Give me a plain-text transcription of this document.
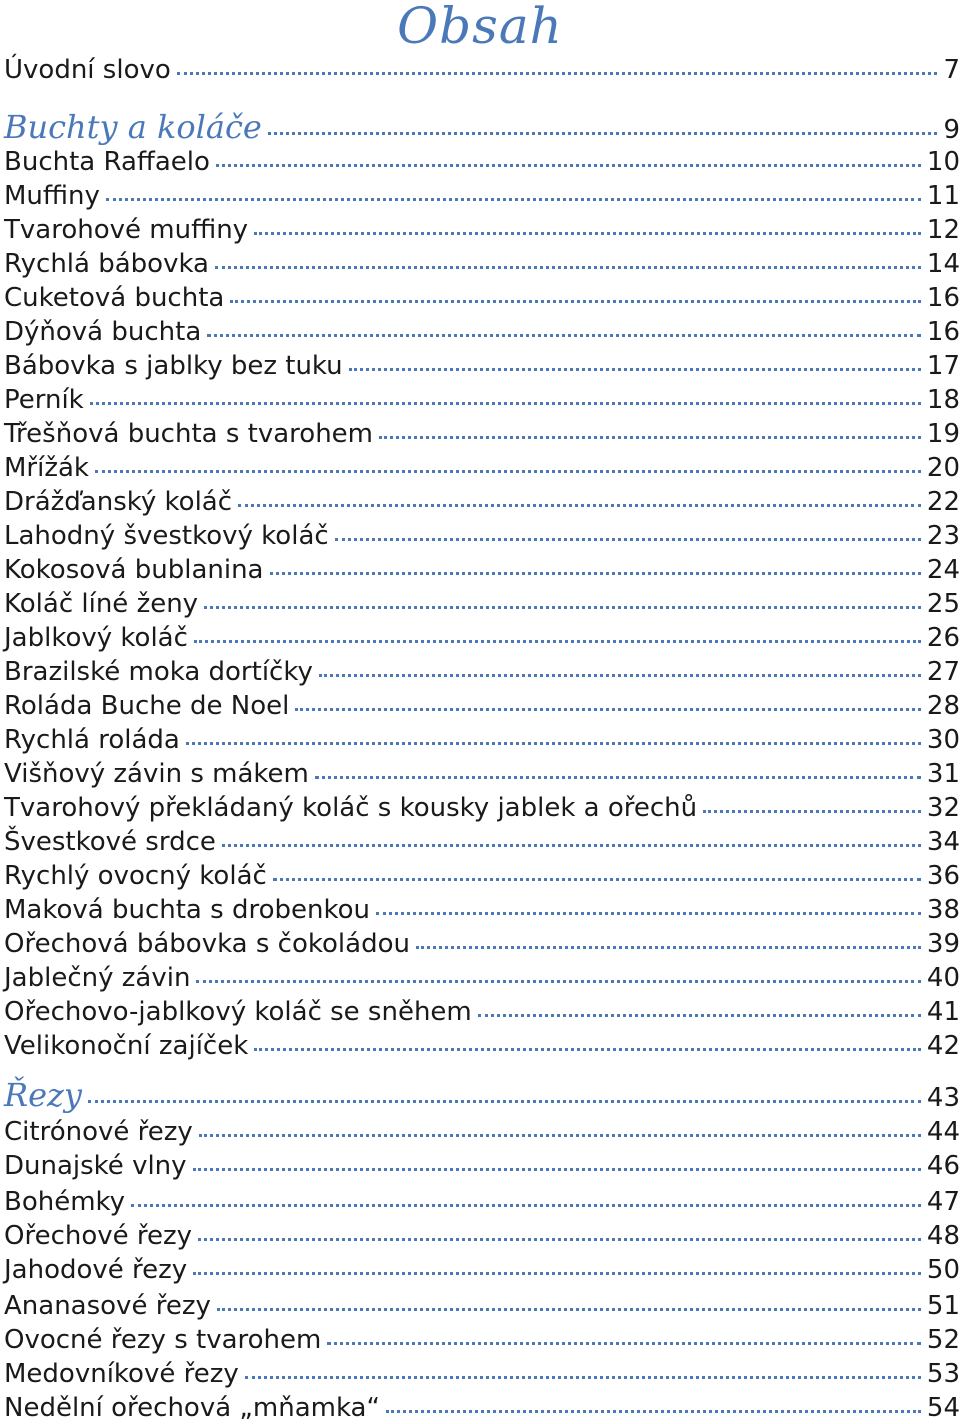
Obsah
Úvodní slovo	7
Buchty a koláče	9
Buchta Raffaelo	10
Muffiny	11
Tvarohové muffiny	12
Rychlá bábovka	14
Cuketová buchta	16
Dýňová buchta	16
Bábovka s jablky bez tuku	17
Perník	18
Třešňová buchta s tvarohem	19
Mřížák	20
Drážďanský koláč	22
Lahodný švestkový koláč	23
Kokosová bublanina	24
Koláč líné ženy	25
Jablkový koláč	26
Brazilské moka dortíčky	27
Roláda Buche de Noel	28
Rychlá roláda	30
Višňový závin s mákem	31
Tvarohový překládaný koláč s kousky jablek a ořechů	32
Švestkové srdce	34
Rychlý ovocný koláč	36
Maková buchta s drobenkou	38
Ořechová bábovka s čokoládou	39
Jablečný závin	40
Ořechovo-jablkový koláč se sněhem	41
Velikonoční zajíček	42
Řezy	43
Citrónové řezy	44
Dunajské vlny	46
Bohémky	47
Ořechové řezy	48
Jahodové řezy	50
Ananasové řezy	51
Ovocné řezy s tvarohem	52
Medovníkové řezy	53
Nedělní ořechová „mňamka“	54
